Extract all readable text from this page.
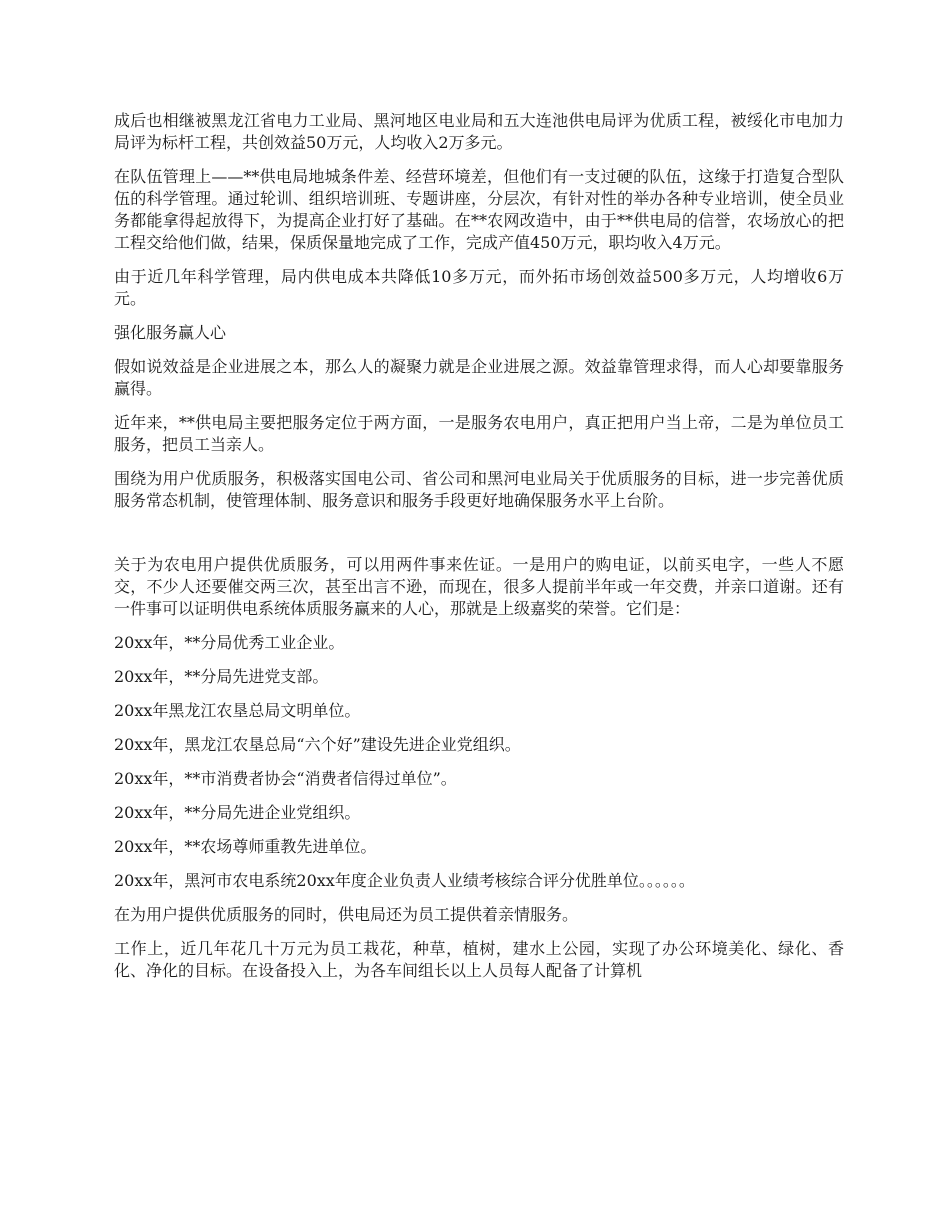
成后也相继被黑龙江省电力工业局、黑河地区电业局和五大连池供电局评为优质工程，被绥化市电加力局评为标杆工程，共创效益50万元，人均收入2万多元。

在队伍管理上——**供电局地城条件差、经营环境差，但他们有一支过硬的队伍，这缘于打造复合型队伍的科学管理。通过轮训、组织培训班、专题讲座，分层次，有针对性的举办各种专业培训，使全员业务都能拿得起放得下，为提高企业打好了基础。在**农网改造中，由于**供电局的信誉，农场放心的把工程交给他们做，结果，保质保量地完成了工作，完成产值450万元，职均收入4万元。

由于近几年科学管理，局内供电成本共降低10多万元，而外拓市场创效益500多万元，人均增收6万元。

强化服务赢人心

假如说效益是企业进展之本，那么人的凝聚力就是企业进展之源。效益靠管理求得，而人心却要靠服务赢得。

近年来，**供电局主要把服务定位于两方面，一是服务农电用户，真正把用户当上帝，二是为单位员工服务，把员工当亲人。

围绕为用户优质服务，积极落实国电公司、省公司和黑河电业局关于优质服务的目标，进一步完善优质服务常态机制，使管理体制、服务意识和服务手段更好地确保服务水平上台阶。

关于为农电用户提供优质服务，可以用两件事来佐证。一是用户的购电证，以前买电字，一些人不愿交，不少人还要催交两三次，甚至出言不逊，而现在，很多人提前半年或一年交费，并亲口道谢。还有一件事可以证明供电系统体质服务赢来的人心，那就是上级嘉奖的荣誉。它们是：

20xx年，**分局优秀工业企业。

20xx年，**分局先进党支部。

20xx年黑龙江农垦总局文明单位。

20xx年，黑龙江农垦总局“六个好”建设先进企业党组织。

20xx年，**市消费者协会“消费者信得过单位”。

20xx年，**分局先进企业党组织。

20xx年，**农场尊师重教先进单位。

20xx年，黑河市农电系统20xx年度企业负责人业绩考核综合评分优胜单位。。。。。。

在为用户提供优质服务的同时，供电局还为员工提供着亲情服务。

工作上，近几年花几十万元为员工栽花，种草，植树，建水上公园，实现了办公环境美化、绿化、香化、净化的目标。在设备投入上，为各车间组长以上人员每人配备了计算机
